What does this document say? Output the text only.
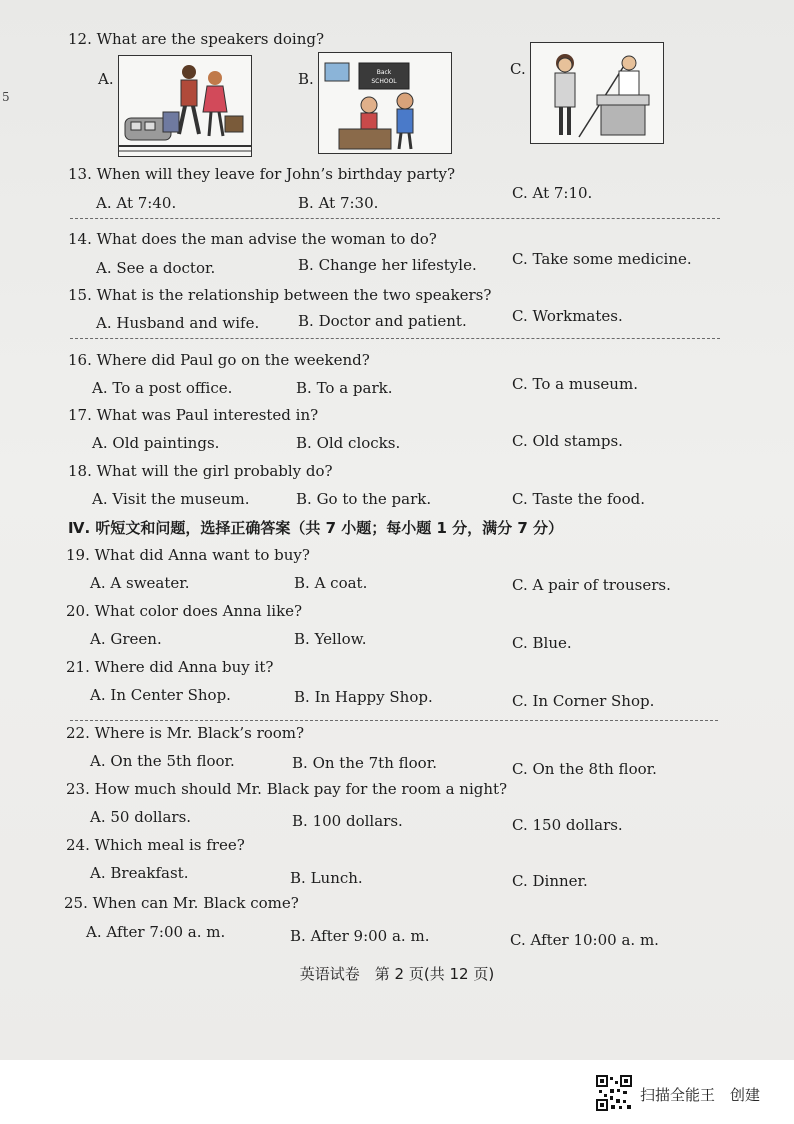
5
12. What are the speakers doing?
A.	B.	Back
SCHOOL
C.
13. When will they leave for John’s birthday party?
A. At 7:40.	B. At 7:30.
C. At 7:10.
14. What does the man advise the woman to do?
A. See a doctor.	B. Change her lifestyle. C. Take some medicine.
15. What is the relationship between the two speakers?
A. Husband and wife.	B. Doctor and patient.	C. Workmates.
16. Where did Paul go on the weekend?
A. To a post office.	B. To a park.	C. To a museum.
17. What was Paul interested in?
A. Old paintings.	B. Old clocks.	C. Old stamps.
18. What will the girl probably do?
A. Visit the museum.	B. Go to the park.	C. Taste the food.
Ⅳ. 听短文和问题，选择正确答案（共 7 小题；每小题 1 分，满分 7 分）
19. What did Anna want to buy?
A. A sweater.	B. A coat.	C. A pair of trousers.
20. What color does Anna like?
A. Green.	B. Yellow.	C. Blue.
21. Where did Anna buy it?
A. In Center Shop.	B. In Happy Shop.	C. In Corner Shop.
22. Where is Mr. Black’s room?
A. On the 5th floor.	B. On the 7th floor.	C. On the 8th floor.
23. How much should Mr. Black pay for the room a night?
A. 50 dollars.	B. 100 dollars.	C. 150 dollars.
24. Which meal is free?
A. Breakfast.	B. Lunch.	C. Dinner.
25. When can Mr. Black come?
A. After 7:00 a. m.	B. After 9:00 a. m.	C. After 10:00 a. m.
英语试卷　第 2 页(共 12 页)
扫描全能王　创建
